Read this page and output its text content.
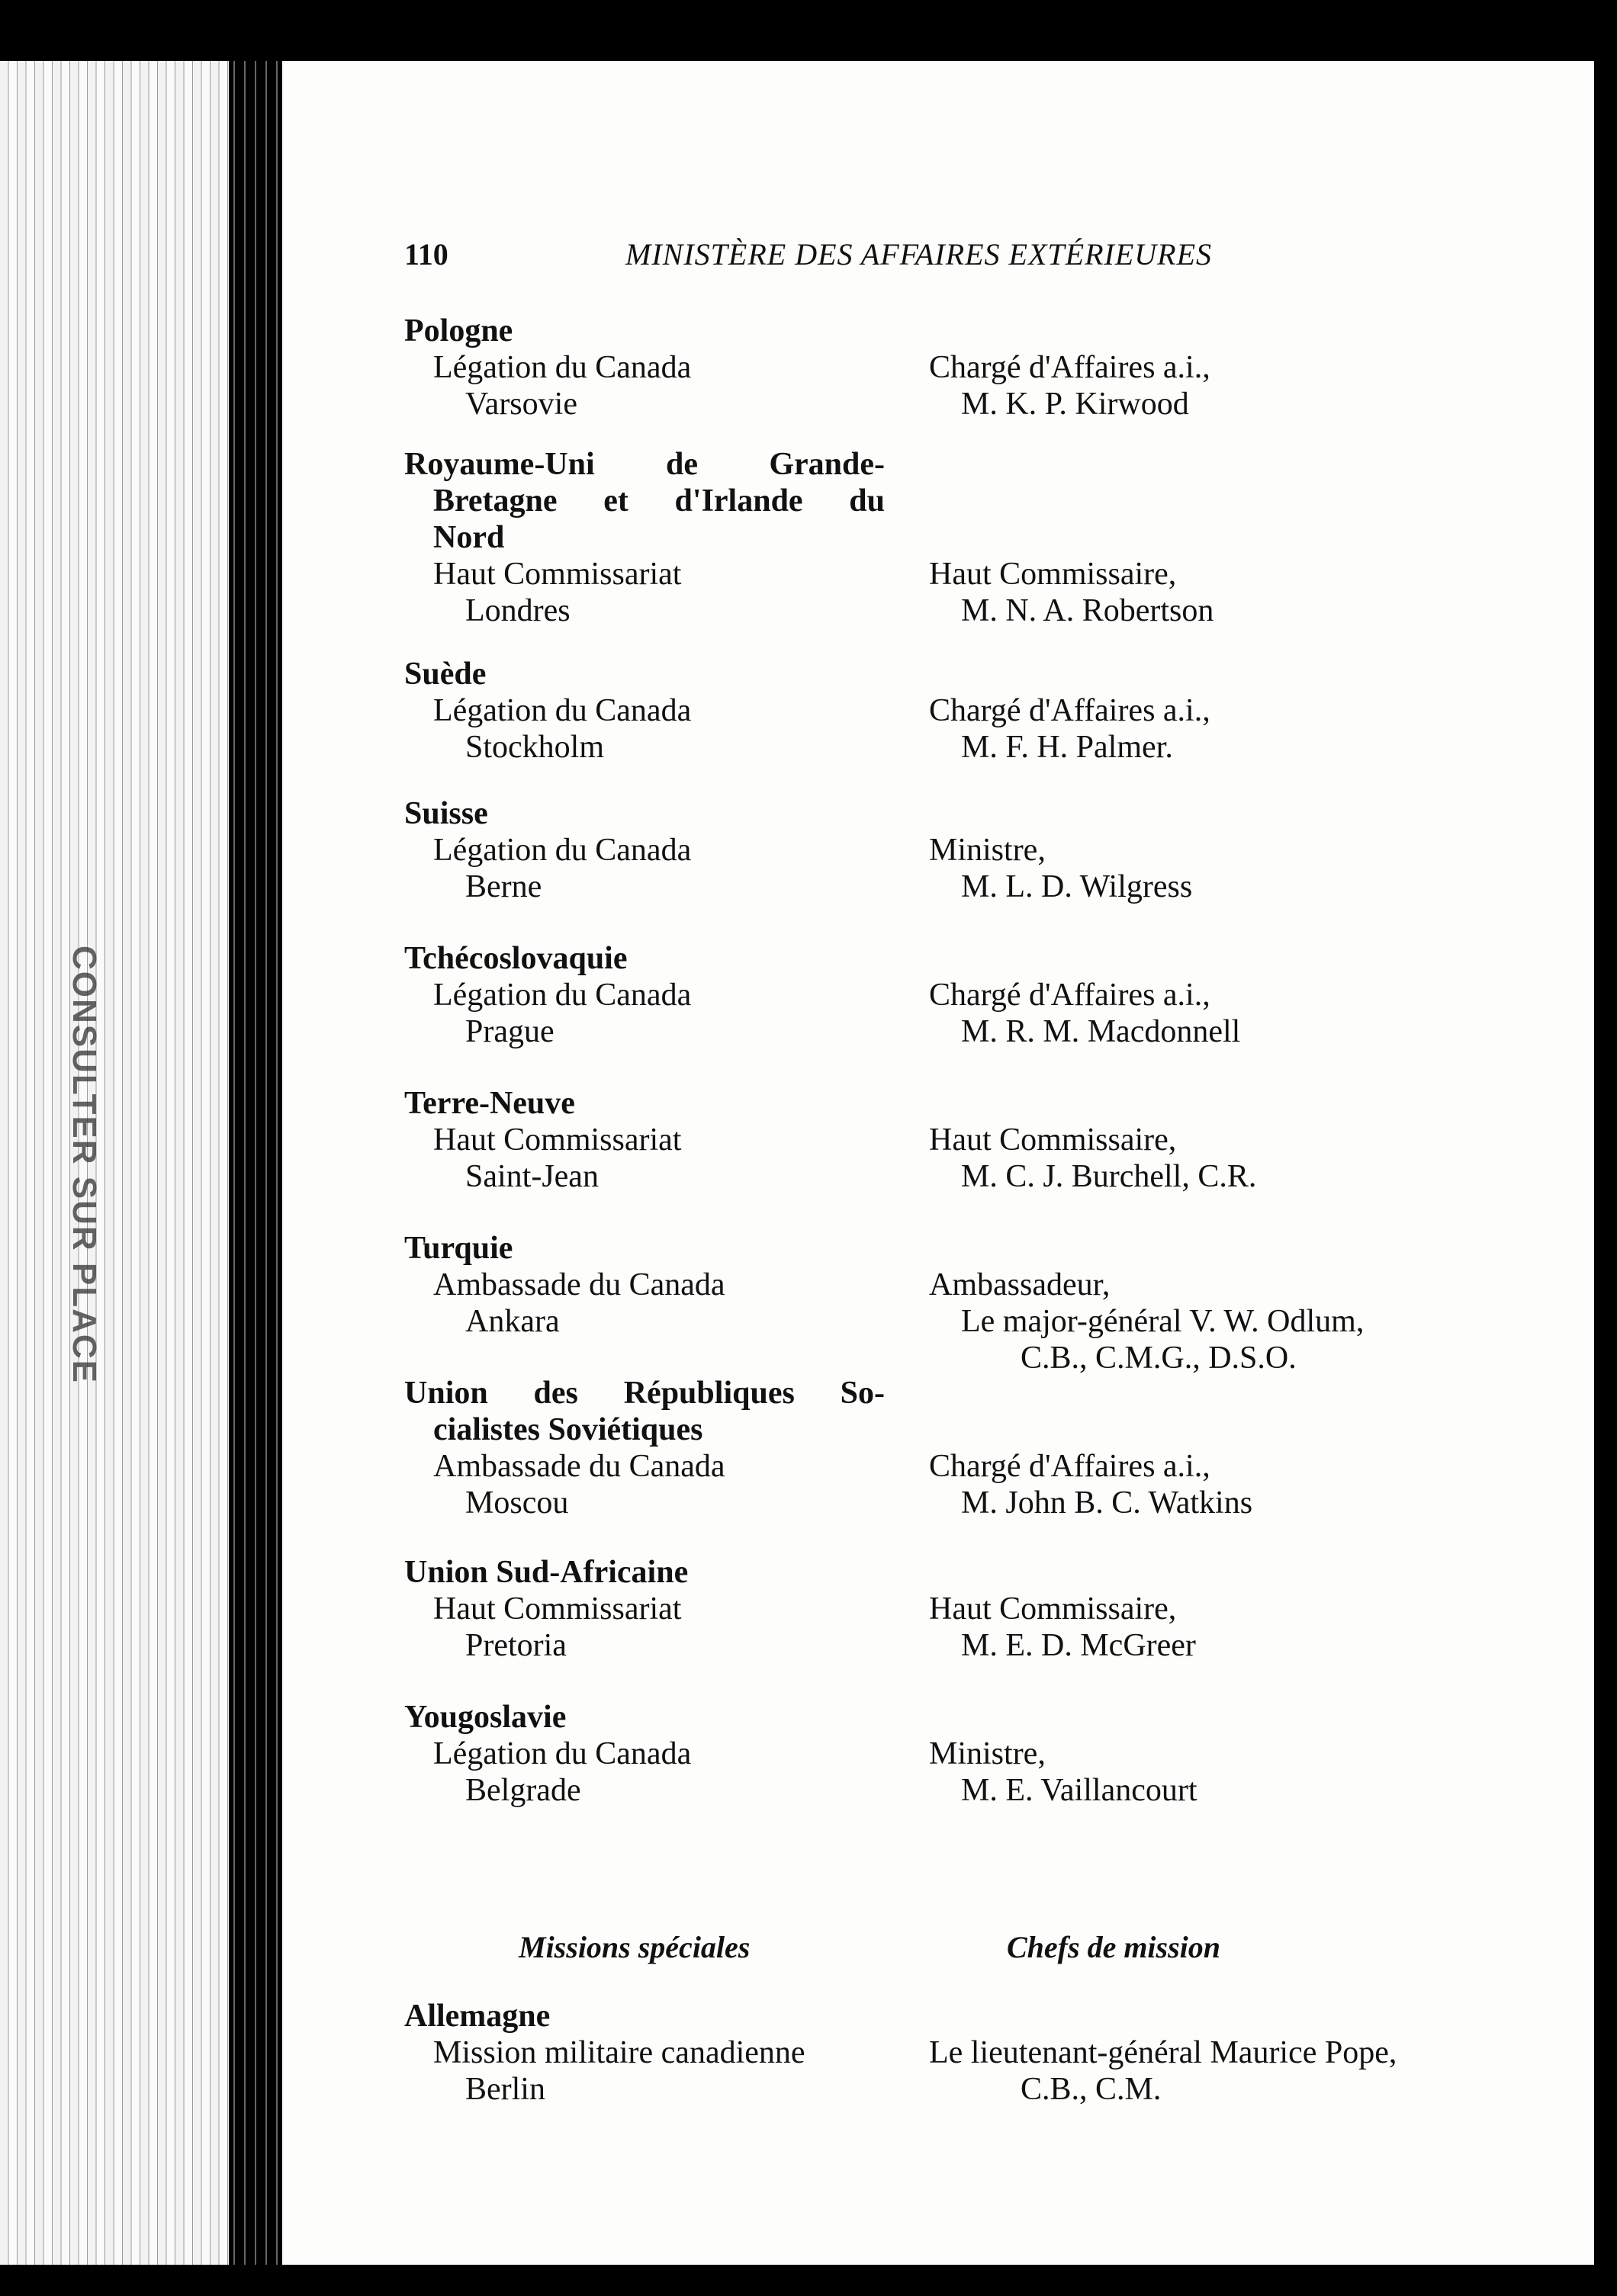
CONSULTER SUR PLACE
110	MINISTÈRE DES AFFAIRES EXTÉRIEURES
Pologne
Légation du Canada
Varsovie
Chargé d'Affaires a.i.,
M. K. P. Kirwood
Royaume-Uni de Grande-
Bretagne et d'Irlande du
Nord
Haut Commissariat
Londres
Haut Commissaire,
M. N. A. Robertson
Suède
Légation du Canada
Stockholm
Chargé d'Affaires a.i.,
M. F. H. Palmer.
Suisse
Légation du Canada
Berne
Ministre,
M. L. D. Wilgress
Tchécoslovaquie
Légation du Canada
Prague
Chargé d'Affaires a.i.,
M. R. M. Macdonnell
Terre-Neuve
Haut Commissariat
Saint-Jean
Haut Commissaire,
M. C. J. Burchell, C.R.
Turquie
Ambassade du Canada
Ankara
Ambassadeur,
Le major-général V. W. Odlum,
C.B., C.M.G., D.S.O.
Union des Républiques So-
cialistes Soviétiques
Ambassade du Canada
Moscou
Chargé d'Affaires a.i.,
M. John B. C. Watkins
Union Sud-Africaine
Haut Commissariat
Pretoria
Haut Commissaire,
M. E. D. McGreer
Yougoslavie
Légation du Canada
Belgrade
Ministre,
M. E. Vaillancourt
Missions spéciales	Chefs de mission
Allemagne
Mission militaire canadienne
Berlin
Le lieutenant-général Maurice Pope,
C.B., C.M.
